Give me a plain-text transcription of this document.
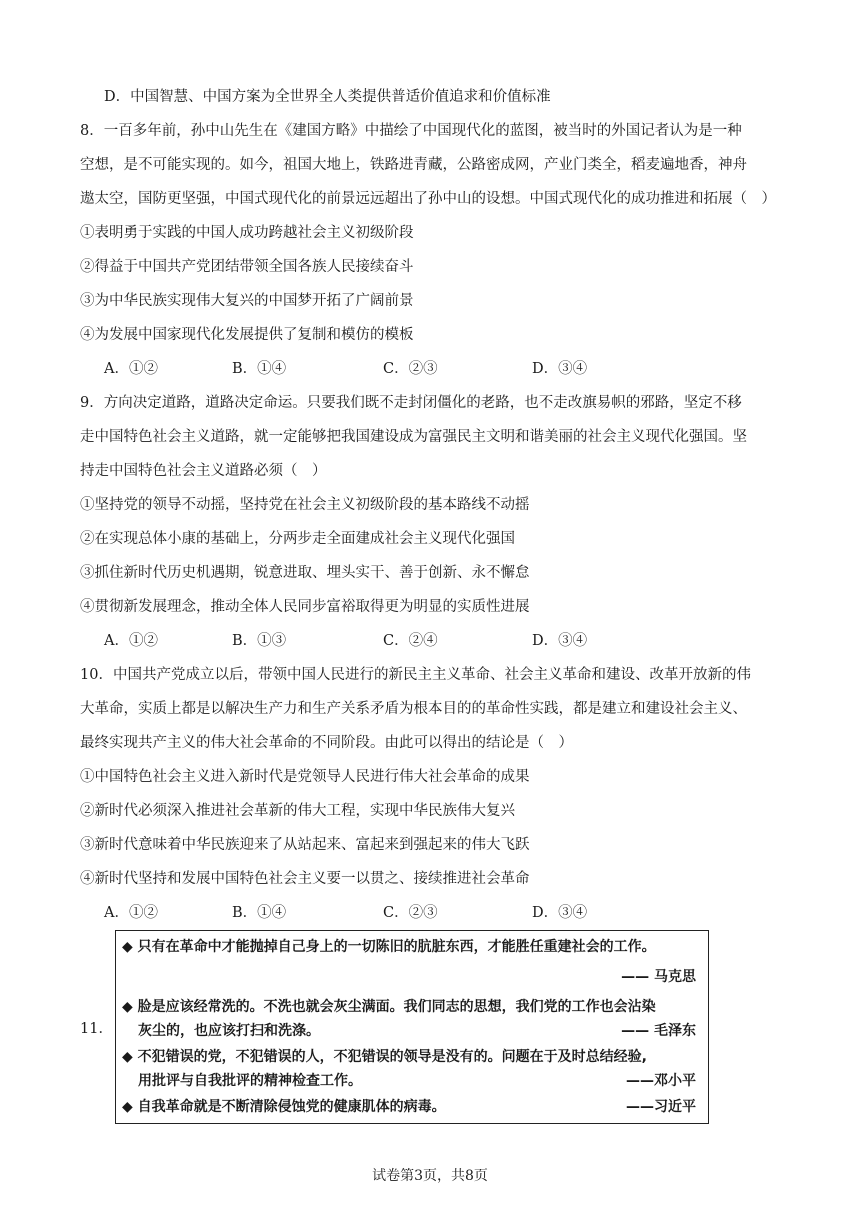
D．中国智慧、中国方案为全世界全人类提供普适价值追求和价值标准
8．一百多年前，孙中山先生在《建国方略》中描绘了中国现代化的蓝图，被当时的外国记者认为是一种
空想，是不可能实现的。如今，祖国大地上，铁路进青藏，公路密成网，产业门类全，稻麦遍地香，神舟
遨太空，国防更坚强，中国式现代化的前景远远超出了孙中山的设想。中国式现代化的成功推进和拓展（　）
①表明勇于实践的中国人成功跨越社会主义初级阶段
②得益于中国共产党团结带领全国各族人民接续奋斗
③为中华民族实现伟大复兴的中国梦开拓了广阔前景
④为发展中国家现代化发展提供了复制和模仿的模板
A．①②	B．①④	C．②③	D．③④
9．方向决定道路，道路决定命运。只要我们既不走封闭僵化的老路，也不走改旗易帜的邪路，坚定不移
走中国特色社会主义道路，就一定能够把我国建设成为富强民主文明和谐美丽的社会主义现代化强国。坚
持走中国特色社会主义道路必须（　）
①坚持党的领导不动摇，坚持党在社会主义初级阶段的基本路线不动摇
②在实现总体小康的基础上，分两步走全面建成社会主义现代化强国
③抓住新时代历史机遇期，锐意进取、埋头实干、善于创新、永不懈怠
④贯彻新发展理念，推动全体人民同步富裕取得更为明显的实质性进展
A．①②	B．①③	C．②④	D．③④
10．中国共产党成立以后，带领中国人民进行的新民主主义革命、社会主义革命和建设、改革开放新的伟
大革命，实质上都是以解决生产力和生产关系矛盾为根本目的的革命性实践，都是建立和建设社会主义、
最终实现共产主义的伟大社会革命的不同阶段。由此可以得出的结论是（　）
①中国特色社会主义进入新时代是党领导人民进行伟大社会革命的成果
②新时代必须深入推进社会革新的伟大工程，实现中华民族伟大复兴
③新时代意味着中华民族迎来了从站起来、富起来到强起来的伟大飞跃
④新时代坚持和发展中国特色社会主义要一以贯之、接续推进社会革命
A．①②	B．①④	C．②③	D．③④
11．
◆ 只有在革命中才能抛掉自己身上的一切陈旧的肮脏东西，才能胜任重建社会的工作。
—— 马克思
◆ 脸是应该经常洗的。不洗也就会灰尘满面。我们同志的思想，我们党的工作也会沾染
灰尘的，也应该打扫和洗涤。	—— 毛泽东
◆ 不犯错误的党，不犯错误的人，不犯错误的领导是没有的。问题在于及时总结经验,
用批评与自我批评的精神检查工作。	——邓小平
◆ 自我革命就是不断清除侵蚀党的健康肌体的病毒。	——习近平
试卷第3页，共8页
